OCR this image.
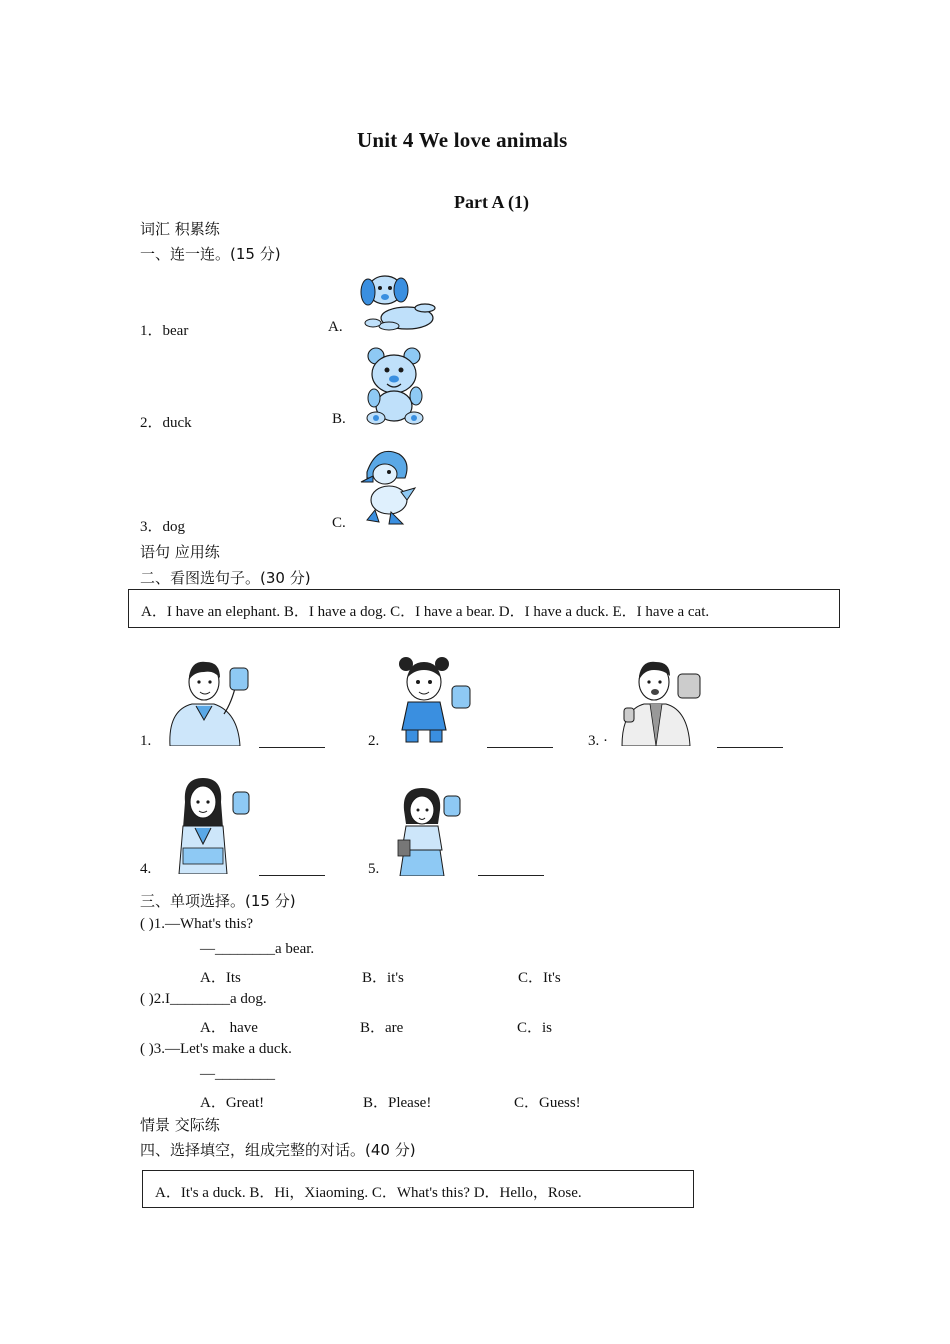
Unit 4 We love animals
Part A (1)
词汇 积累练
一、连一连。(15 分)
1．bear
2．duck
3．dog
A.
B.
C.
语句 应用练
二、看图选句子。(30 分)
A．I have an elephant. B．I have a dog. C．I have a bear. D．I have a duck. E．I have a cat.
1.	2.	3. ·
4.	5.
三、单项选择。(15 分)
( )1.—What's this?
—________a bear.
A．Its	B．it's	C．It's
( )2.I________a dog.
A． have	B．are	C．is
( )3.—Let's make a duck.
—________
A．Great!	B．Please!	C．Guess!
情景 交际练
四、选择填空，组成完整的对话。(40 分)
A．It's a duck. B．Hi，Xiaoming. C．What's this? D．Hello，Rose.
